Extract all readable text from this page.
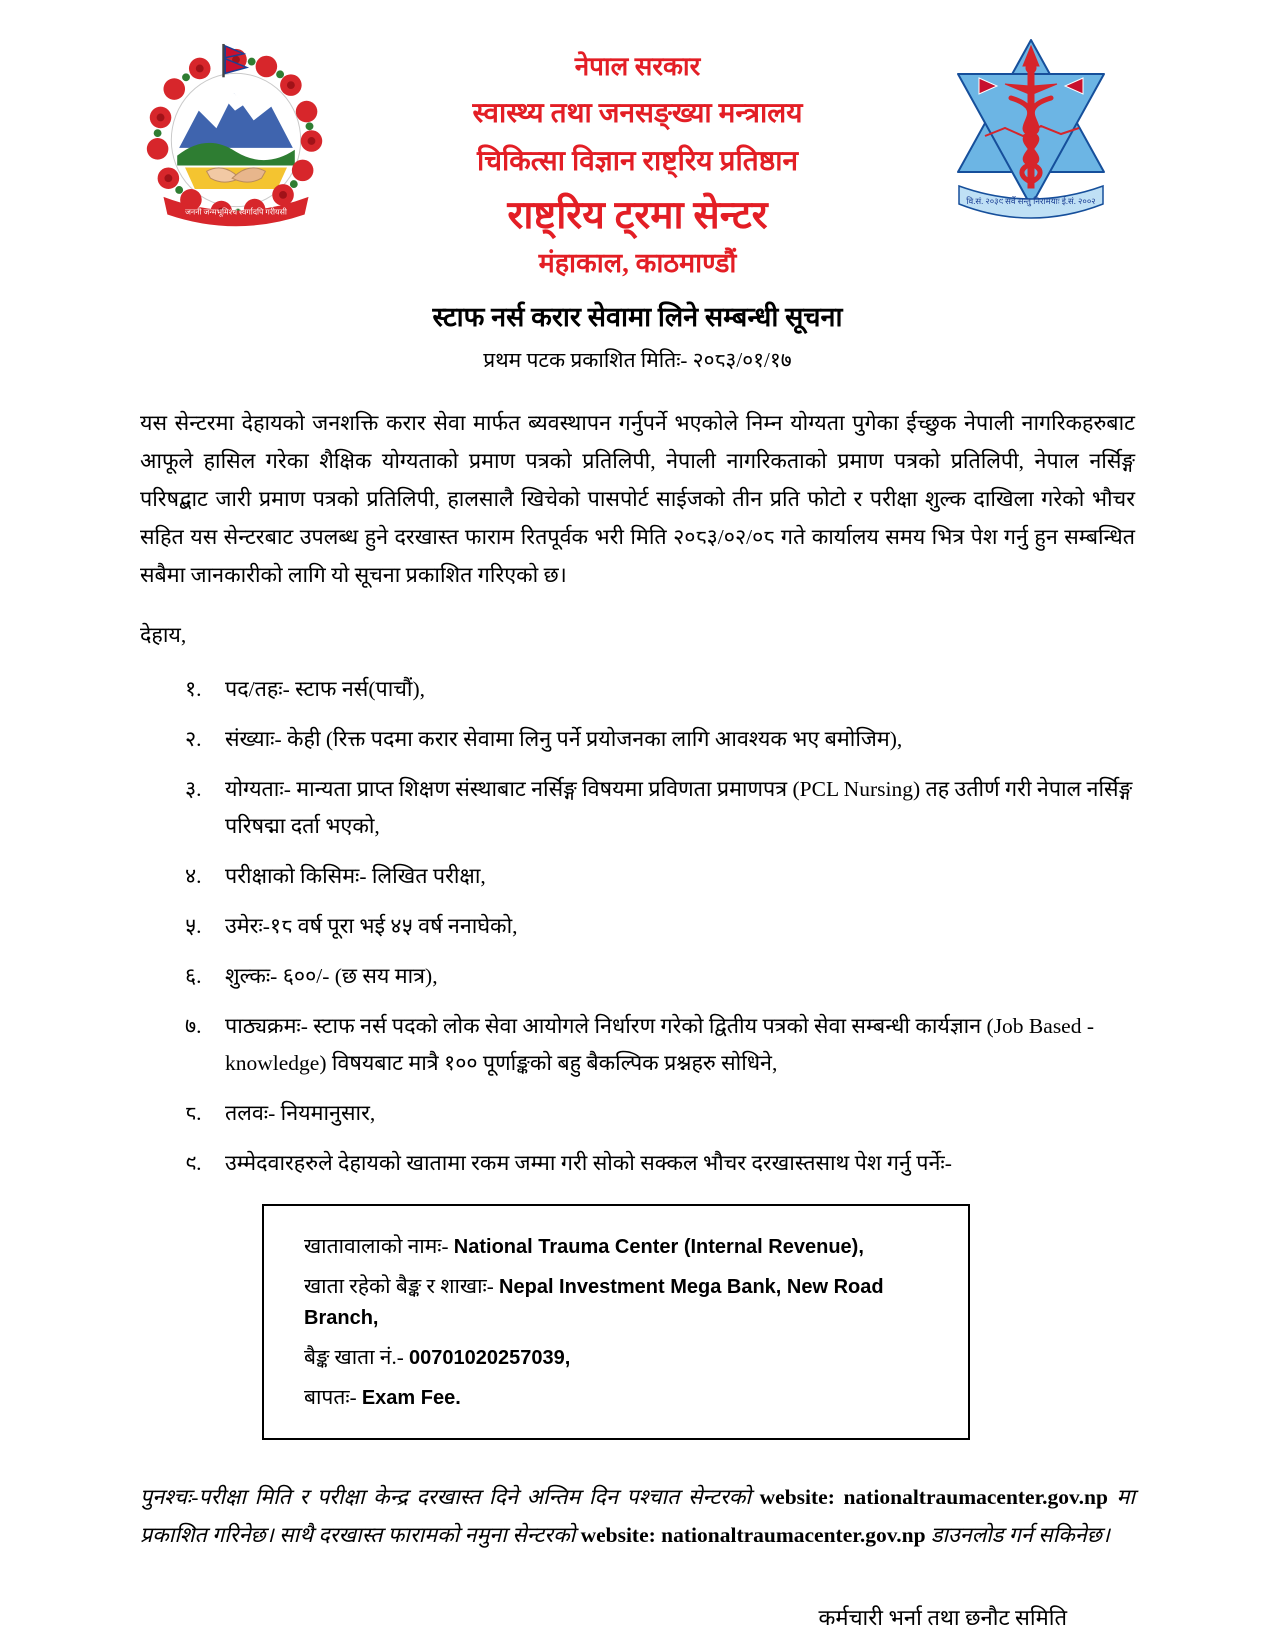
जननी जन्मभूमिश्च स्वर्गादपि गरीयसी
नेपाल सरकार
स्वास्थ्य तथा जनसङ्ख्या मन्त्रालय
चिकित्सा विज्ञान राष्ट्रिय प्रतिष्ठान
राष्ट्रिय ट्रमा सेन्टर
मंहाकाल, काठमाण्डौं
वि.सं. २०३९ सर्वे सन्तु निरामयाः ई.सं. २००२
स्टाफ नर्स करार सेवामा लिने सम्बन्धी सूचना
प्रथम पटक प्रकाशित मितिः- २०८३/०१/१७

यस सेन्टरमा देहायको जनशक्ति करार सेवा मार्फत ब्यवस्थापन गर्नुपर्ने भएकोले निम्न योग्यता पुगेका ईच्छुक नेपाली नागरिकहरुबाट आफूले हासिल गरेका शैक्षिक योग्यताको प्रमाण पत्रको प्रतिलिपी, नेपाली नागरिकताको प्रमाण पत्रको प्रतिलिपी, नेपाल नर्सिङ्ग परिषद्बाट जारी प्रमाण पत्रको प्रतिलिपी, हालसालै खिचेको पासपोर्ट साईजको तीन प्रति फोटो र परीक्षा शुल्क दाखिला गरेको भौचर सहित यस सेन्टरबाट उपलब्ध हुने दरखास्त फाराम रितपूर्वक भरी मिति २०८३/०२/०८ गते कार्यालय समय भित्र पेश गर्नु हुन सम्बन्धित सबैमा जानकारीको लागि यो सूचना प्रकाशित गरिएको छ।

देहाय,

१.	पद/तहः- स्टाफ नर्स(पाचौं),
२.	संख्याः- केही (रिक्त पदमा करार सेवामा लिनु पर्ने प्रयोजनका लागि आवश्यक भए बमोजिम),
३.	योग्यताः- मान्यता प्राप्त शिक्षण संस्थाबाट नर्सिङ्ग विषयमा प्रविणता प्रमाणपत्र (PCL Nursing) तह उतीर्ण गरी नेपाल नर्सिङ्ग परिषद्मा दर्ता भएको,
४.	परीक्षाको किसिमः- लिखित परीक्षा,
५.	उमेरः-१८ वर्ष पूरा भई ४५ वर्ष ननाघेको,
६.	शुल्कः- ६००/- (छ सय मात्र),
७.	पाठ्यक्रमः- स्टाफ नर्स पदको लोक सेवा आयोगले निर्धारण गरेको द्वितीय पत्रको सेवा सम्बन्धी कार्यज्ञान (Job Based - knowledge) विषयबाट मात्रै १०० पूर्णाङ्कको बहु बैकल्पिक प्रश्नहरु सोधिने,
८.	तलवः- नियमानुसार,
९.	उम्मेदवारहरुले देहायको खातामा रकम जम्मा गरी सोको सक्कल भौचर दरखास्तसाथ पेश गर्नु पर्नेः-
खातावालाको नामः- National Trauma Center (Internal Revenue),
खाता रहेको बैङ्क र शाखाः- Nepal Investment Mega Bank, New Road Branch,
बैङ्क खाता नं.- 00701020257039,
बापतः- Exam Fee.

पुनश्चः-परीक्षा मिति र परीक्षा केन्द्र दरखास्त दिने अन्तिम दिन पश्चात सेन्टरको website: nationaltraumacenter.gov.np मा प्रकाशित गरिनेछ। साथै दरखास्त फारामको नमुना सेन्टरको website: nationaltraumacenter.gov.np डाउनलोड गर्न सकिनेछ।

कर्मचारी भर्ना तथा छनौट समिति
